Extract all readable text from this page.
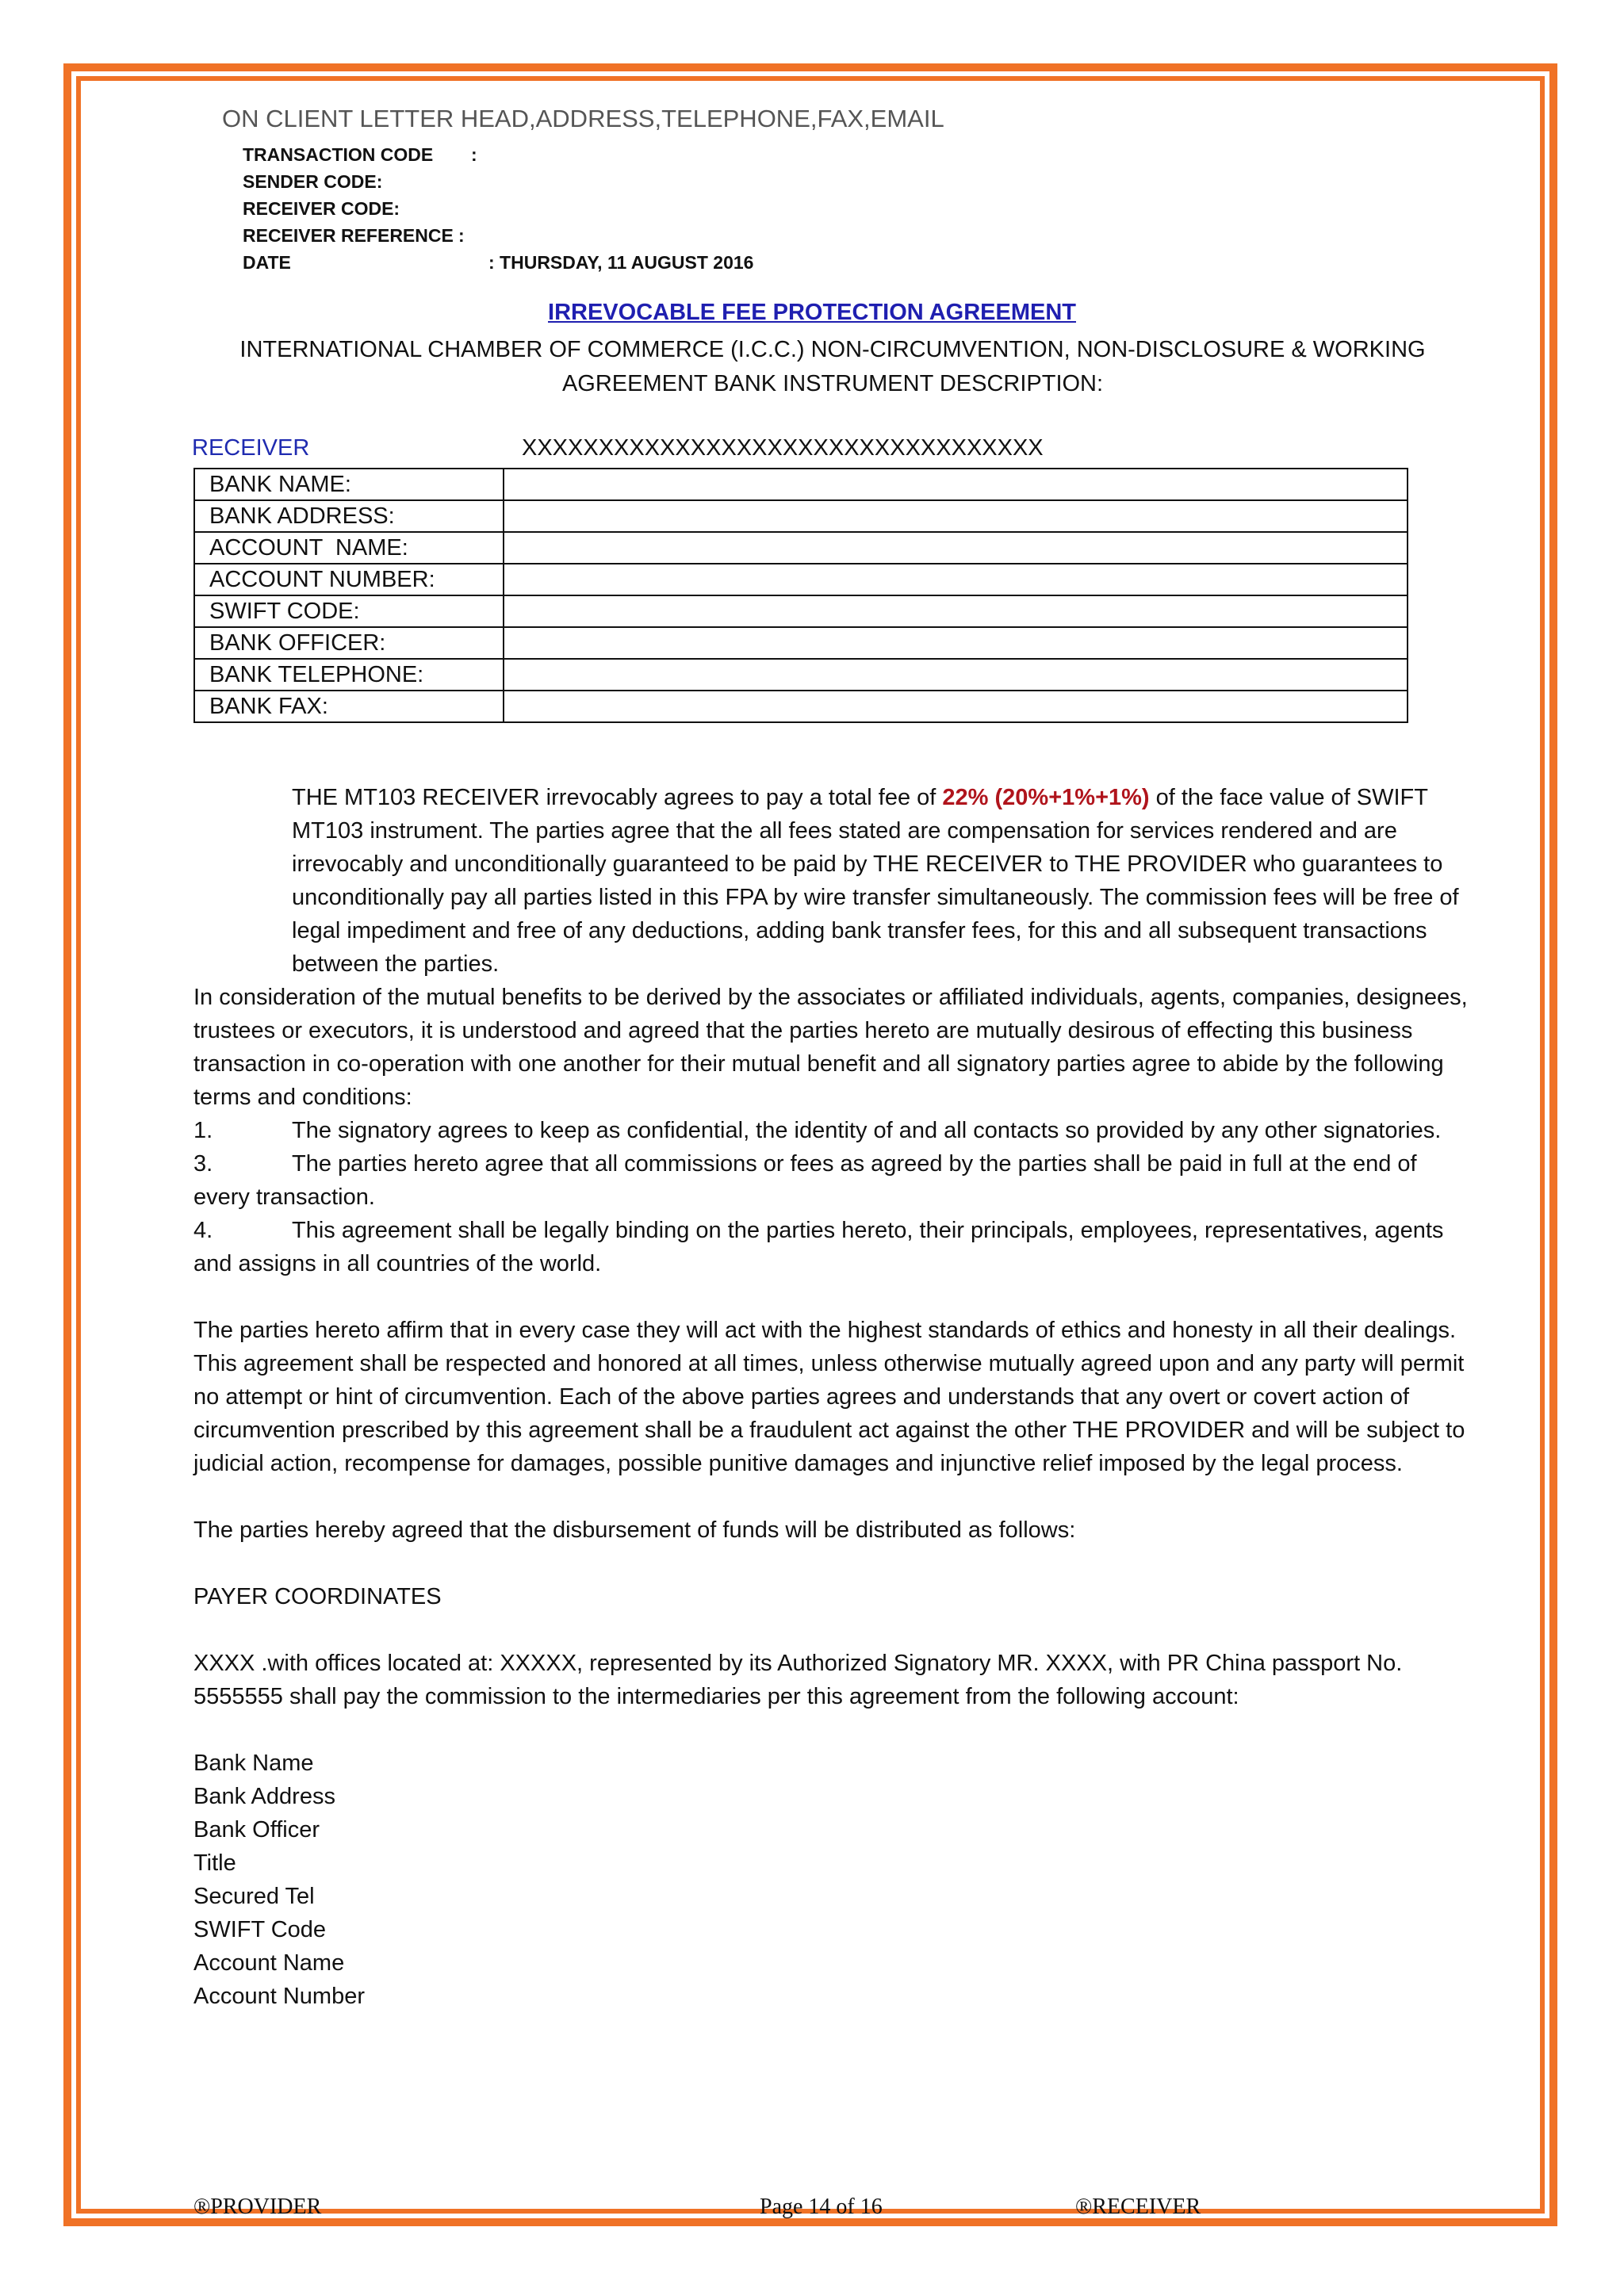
ON CLIENT LETTER HEAD,ADDRESS,TELEPHONE,FAX,EMAIL
TRANSACTION CODE :
SENDER CODE:
RECEIVER CODE:
RECEIVER REFERENCE :
DATE	: THURSDAY, 11 AUGUST 2016
IRREVOCABLE FEE PROTECTION AGREEMENT
INTERNATIONAL CHAMBER OF COMMERCE (I.C.C.) NON-CIRCUMVENTION, NON-DISCLOSURE & WORKING AGREEMENT BANK INSTRUMENT DESCRIPTION:
RECEIVER	XXXXXXXXXXXXXXXXXXXXXXXXXXXXXXXXXX
BANK NAME:	
BANK ADDRESS:	
ACCOUNT  NAME:	
ACCOUNT NUMBER:	
SWIFT CODE:	
BANK OFFICER:	
BANK TELEPHONE:	
BANK FAX:	

THE MT103 RECEIVER irrevocably agrees to pay a total fee of 22% (20%+1%+1%) of the face value of SWIFT MT103 instrument. The parties agree that the all fees stated are compensation for services rendered and are irrevocably and unconditionally guaranteed to be paid by THE RECEIVER to THE PROVIDER who guarantees to unconditionally pay all parties listed in this FPA by wire transfer simultaneously. The commission fees will be free of legal impediment and free of any deductions, adding bank transfer fees, for this and all subsequent transactions between the parties.

In consideration of the mutual benefits to be derived by the associates or affiliated individuals, agents, companies, designees, trustees or executors, it is understood and agreed that the parties hereto are mutually desirous of effecting this business transaction in co-operation with one another for their mutual benefit and all signatory parties agree to abide by the following terms and conditions:

1.	The signatory agrees to keep as confidential, the identity of and all contacts so provided by any other signatories.

3.	The parties hereto agree that all commissions or fees as agreed by the parties shall be paid in full at the end of every transaction.

4.	This agreement shall be legally binding on the parties hereto, their principals, employees, representatives, agents and assigns in all countries of the world.

The parties hereto affirm that in every case they will act with the highest standards of ethics and honesty in all their dealings.

This agreement shall be respected and honored at all times, unless otherwise mutually agreed upon and any party will permit no attempt or hint of circumvention. Each of the above parties agrees and understands that any overt or covert action of circumvention prescribed by this agreement shall be a fraudulent act against the other THE PROVIDER and will be subject to judicial action, recompense for damages, possible punitive damages and injunctive relief imposed by the legal process.

The parties hereby agreed that the disbursement of funds will be distributed as follows:

PAYER COORDINATES

XXXX .with offices located at: XXXXX, represented by its Authorized Signatory MR. XXXX, with PR China passport No. 5555555 shall pay the commission to the intermediaries per this agreement from the following account:

Bank Name

Bank Address

Bank Officer

Title

Secured Tel

SWIFT Code

Account Name

Account Number

®PROVIDER	Page 14 of 16	®RECEIVER
